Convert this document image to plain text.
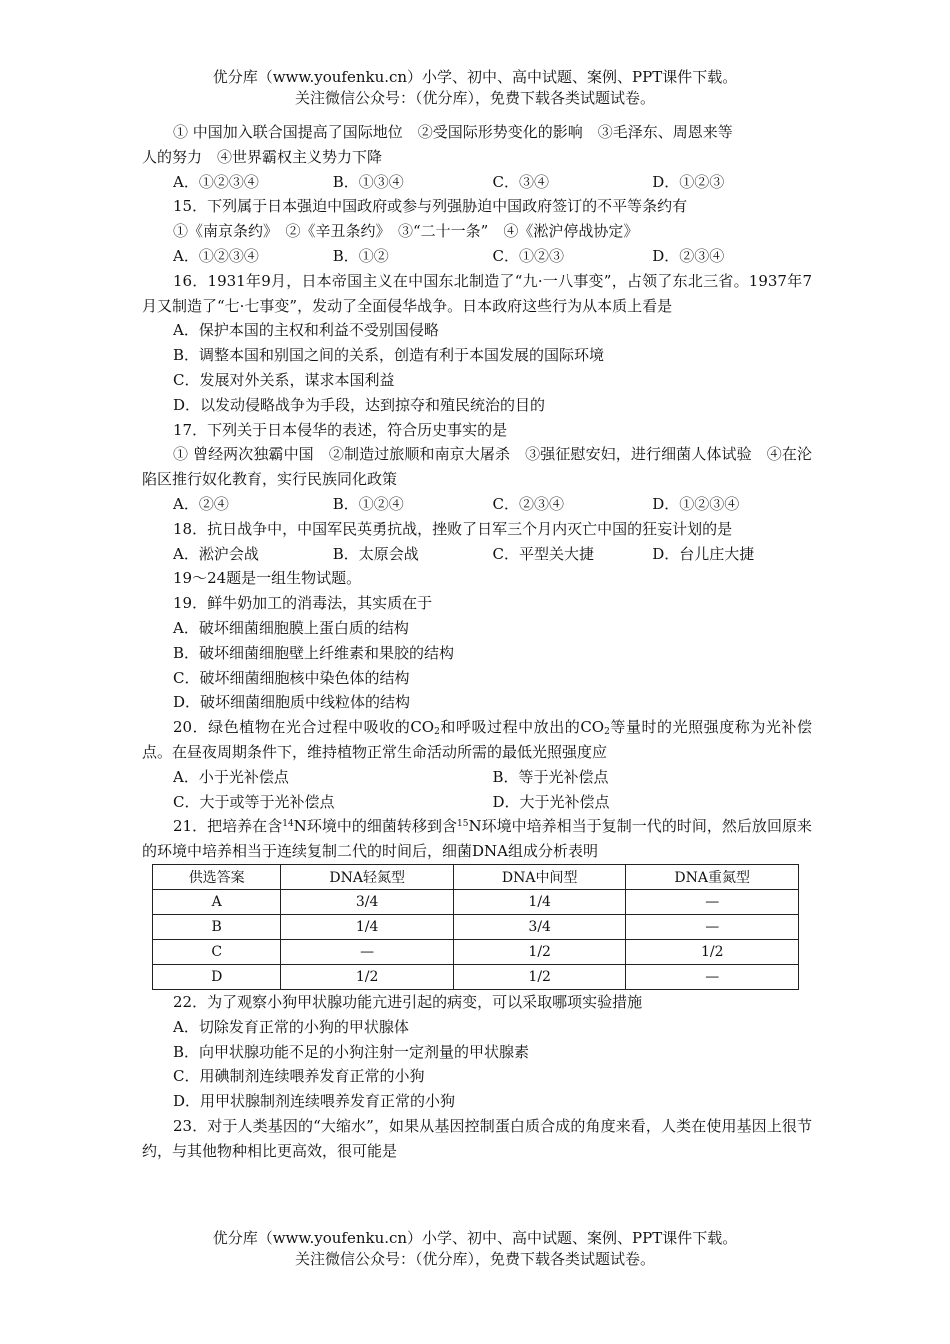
优分库（www.youfenku.cn）小学、初中、高中试题、案例、PPT课件下载。
关注微信公众号：（优分库），免费下载各类试题试卷。
① 中国加入联合国提高了国际地位　②受国际形势变化的影响　③毛泽东、周恩来等
人的努力　④世界霸权主义势力下降
A．①②③④	B．①③④	C．③④	D．①②③
15．下列属于日本强迫中国政府或参与列强胁迫中国政府签订的不平等条约有
①《南京条约》　②《辛丑条约》　③“二十一条”　④《淞沪停战协定》
A．①②③④	B．①②	C．①②③	D．②③④
16．1931年9月，日本帝国主义在中国东北制造了“九·一八事变”，占领了东北三省。1937年7月又制造了“七·七事变”，发动了全面侵华战争。日本政府这些行为从本质上看是
A．保护本国的主权和利益不受别国侵略
B．调整本国和别国之间的关系，创造有利于本国发展的国际环境
C．发展对外关系，谋求本国利益
D．以发动侵略战争为手段，达到掠夺和殖民统治的目的
17．下列关于日本侵华的表述，符合历史事实的是
① 曾经两次独霸中国　②制造过旅顺和南京大屠杀　③强征慰安妇，进行细菌人体试验　④在沦陷区推行奴化教育，实行民族同化政策
A．②④	B．①②④	C．②③④	D．①②③④
18．抗日战争中，中国军民英勇抗战，挫败了日军三个月内灭亡中国的狂妄计划的是
A．淞沪会战	B．太原会战	C．平型关大捷	D．台儿庄大捷
19～24题是一组生物试题。
19．鲜牛奶加工的消毒法，其实质在于
A．破坏细菌细胞膜上蛋白质的结构
B．破坏细菌细胞壁上纤维素和果胶的结构
C．破坏细菌细胞核中染色体的结构
D．破坏细菌细胞质中线粒体的结构
20．绿色植物在光合过程中吸收的$CO_2$和呼吸过程中放出的$CO_2$等量时的光照强度称为光补偿点。在昼夜周期条件下，维持植物正常生命活动所需的最低光照强度应
A．小于光补偿点	B．等于光补偿点
C．大于或等于光补偿点	D．大于光补偿点
21．把培养在含$^{14}$N环境中的细菌转移到含$^{15}$N环境中培养相当于复制一代的时间，然后放回原来的环境中培养相当于连续复制二代的时间后，细菌DNA组成分析表明
供选答案	DNA轻氮型	DNA中间型	DNA重氮型
A	3/4	1/4	—
B	1/4	3/4	—
C	—	1/2	1/2
D	1/2	1/2	—
22．为了观察小狗甲状腺功能亢进引起的病变，可以采取哪项实验措施
A．切除发育正常的小狗的甲状腺体
B．向甲状腺功能不足的小狗注射一定剂量的甲状腺素
C．用碘制剂连续喂养发育正常的小狗
D．用甲状腺制剂连续喂养发育正常的小狗
23．对于人类基因的“大缩水”，如果从基因控制蛋白质合成的角度来看，人类在使用基因上很节约，与其他物种相比更高效，很可能是
优分库（www.youfenku.cn）小学、初中、高中试题、案例、PPT课件下载。
关注微信公众号：（优分库），免费下载各类试题试卷。
